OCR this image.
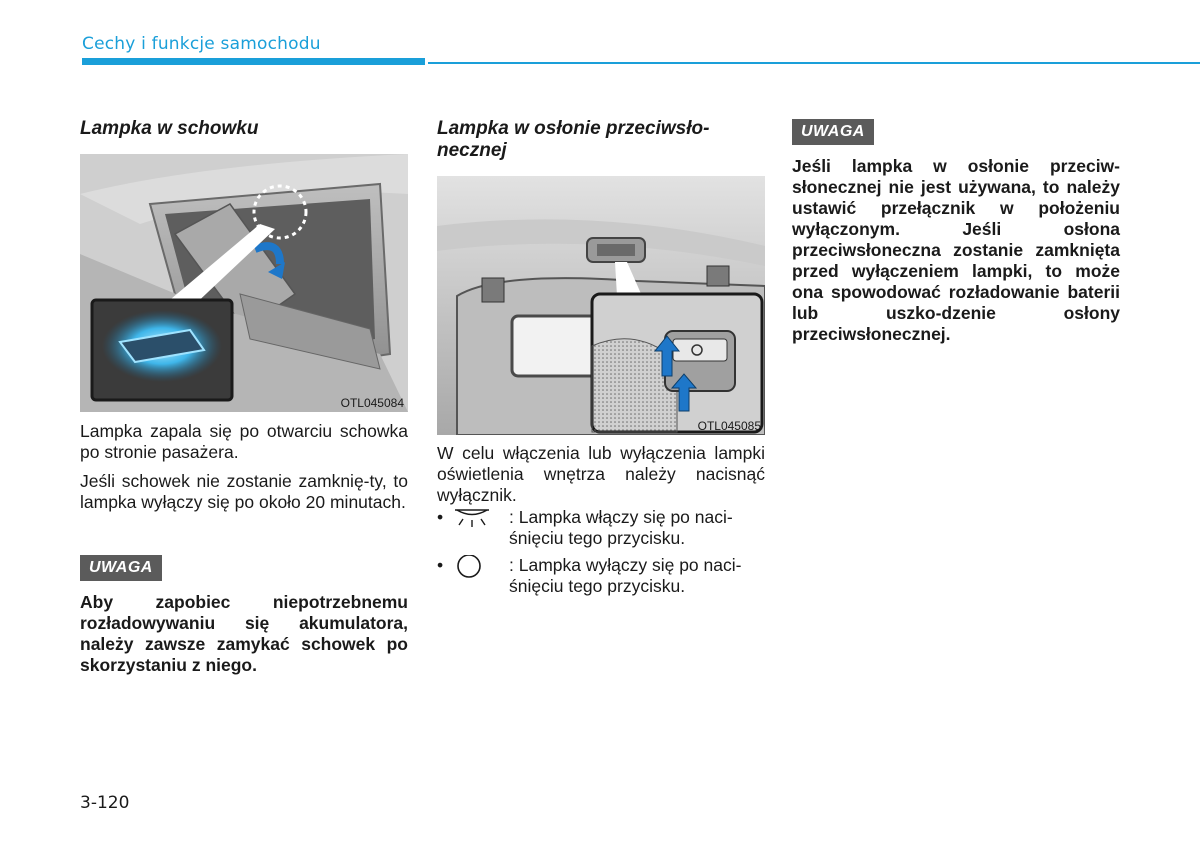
Cechy i funkcje samochodu
Lampka w schowku
OTL045084

Lampka zapala się po otwarciu schowka po stronie pasażera.

Jeśli schowek nie zostanie zamknię-ty, to lampka wyłączy się po około 20 minutach.

UWAGA
Aby zapobiec niepotrzebnemu rozładowywaniu się akumulatora, należy zawsze zamykać schowek po skorzystaniu z niego.
Lampka w osłonie przeciwsło-necznej
OTL045085
W celu włączenia lub wyłączenia lampki oświetlenia wnętrza należy nacisnąć wyłącznik.
•	: Lampka włączy się po naci-śnięciu tego przycisku.
•	: Lampka wyłączy się po naci-śnięciu tego przycisku.
UWAGA
Jeśli lampka w osłonie przeciw-słonecznej nie jest używana, to należy ustawić przełącznik w położeniu wyłączonym. Jeśli osłona przeciwsłoneczna zostanie zamknięta przed wyłączeniem lampki, to może ona spowodować rozładowanie baterii lub uszko-dzenie osłony przeciwsłonecznej.
3-120
